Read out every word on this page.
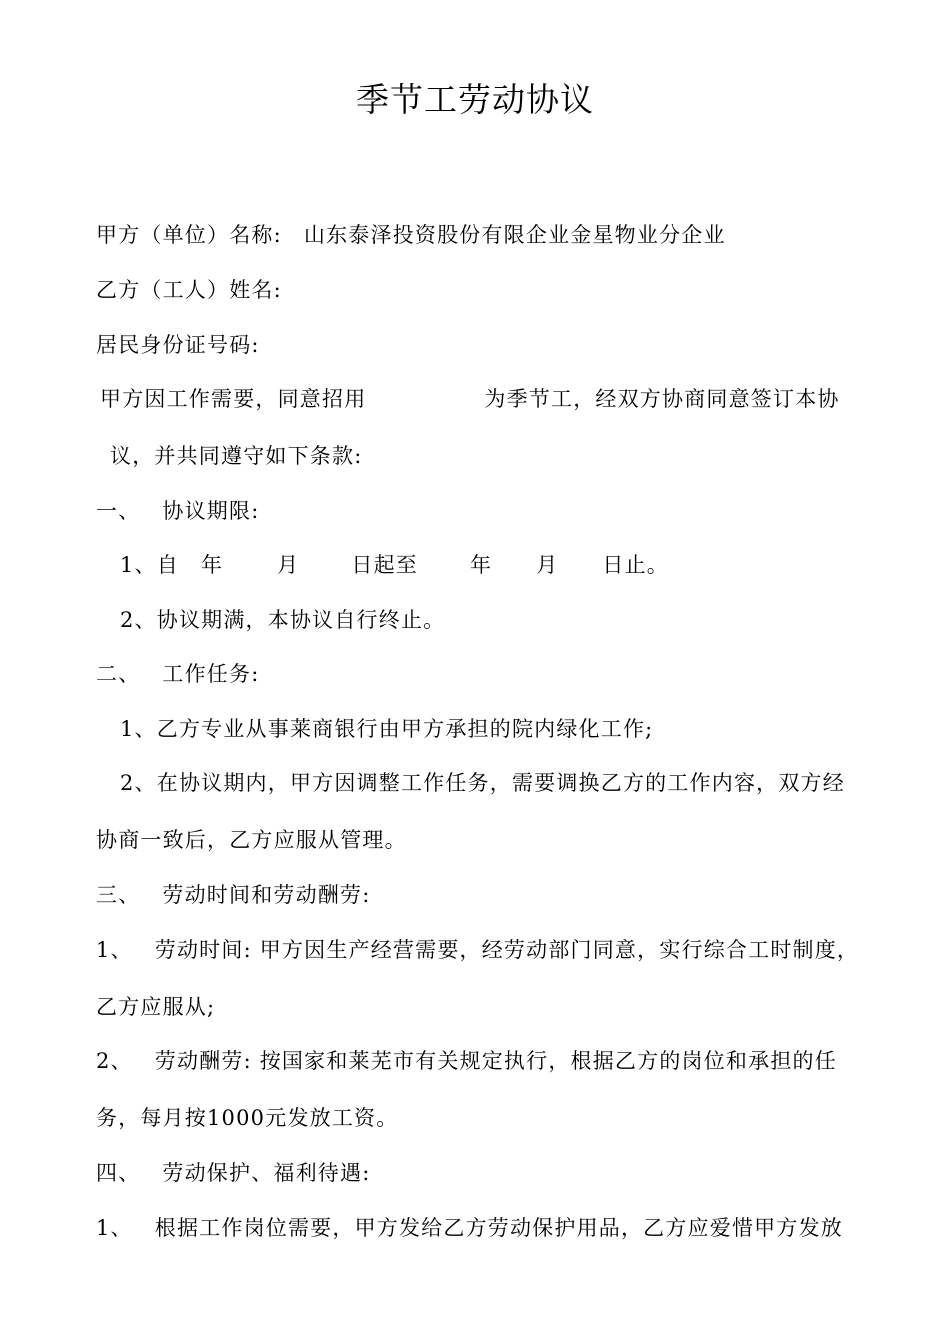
季节工劳动协议
甲方（单位）名称: 山东泰泽投资股份有限企业金星物业分企业
乙方（工人）姓名:
居民身份证号码:
甲方因工作需要，同意招用	为季节工，经双方协商同意签订本协
议，并共同遵守如下条款:
一、 协议期限:
1、自 年	月 日起至 年 月 日止。
2、协议期满，本协议自行终止。
二、 工作任务:
1、乙方专业从事莱商银行由甲方承担的院内绿化工作;
2、在协议期内，甲方因调整工作任务，需要调换乙方的工作内容，双方经
协商一致后，乙方应服从管理。
三、 劳动时间和劳动酬劳:
1、 劳动时间: 甲方因生产经营需要，经劳动部门同意，实行综合工时制度，
乙方应服从;
2、 劳动酬劳: 按国家和莱芜市有关规定执行，根据乙方的岗位和承担的任
务，每月按1000元发放工资。
四、 劳动保护、福利待遇:
1、 根据工作岗位需要，甲方发给乙方劳动保护用品，乙方应爱惜甲方发放
